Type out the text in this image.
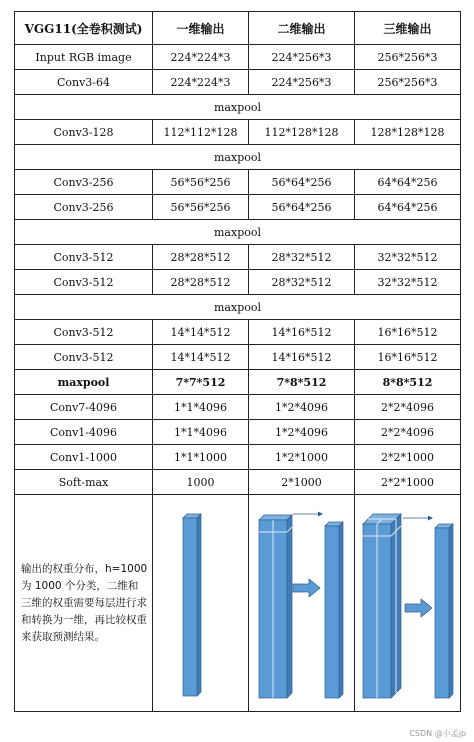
VGG11(全卷积测试)	一维输出	二维输出	三维输出
Input RGB image	224*224*3	224*256*3	256*256*3
Conv3-64	224*224*3	224*256*3	256*256*3
maxpool			
Conv3-128	112*112*128	112*128*128	128*128*128
maxpool			
Conv3-256	56*56*256	56*64*256	64*64*256
Conv3-256	56*56*256	56*64*256	64*64*256
maxpool			
Conv3-512	28*28*512	28*32*512	32*32*512
Conv3-512	28*28*512	28*32*512	32*32*512
maxpool			
Conv3-512	14*14*512	14*16*512	16*16*512
Conv3-512	14*14*512	14*16*512	16*16*512
maxpool	7*7*512	7*8*512	8*8*512
Conv7-4096	1*1*4096	1*2*4096	2*2*4096
Conv1-4096	1*1*4096	1*2*4096	2*2*4096
Conv1-1000	1*1*1000	1*2*1000	2*2*1000
Soft-max	1000	2*1000	2*2*1000
输出的权重分布，h=1000为 1000 个分类，二维和三维的权重需要每层进行求和转换为一维，再比较权重来获取预测结果。	

CSDN @小孟jp
